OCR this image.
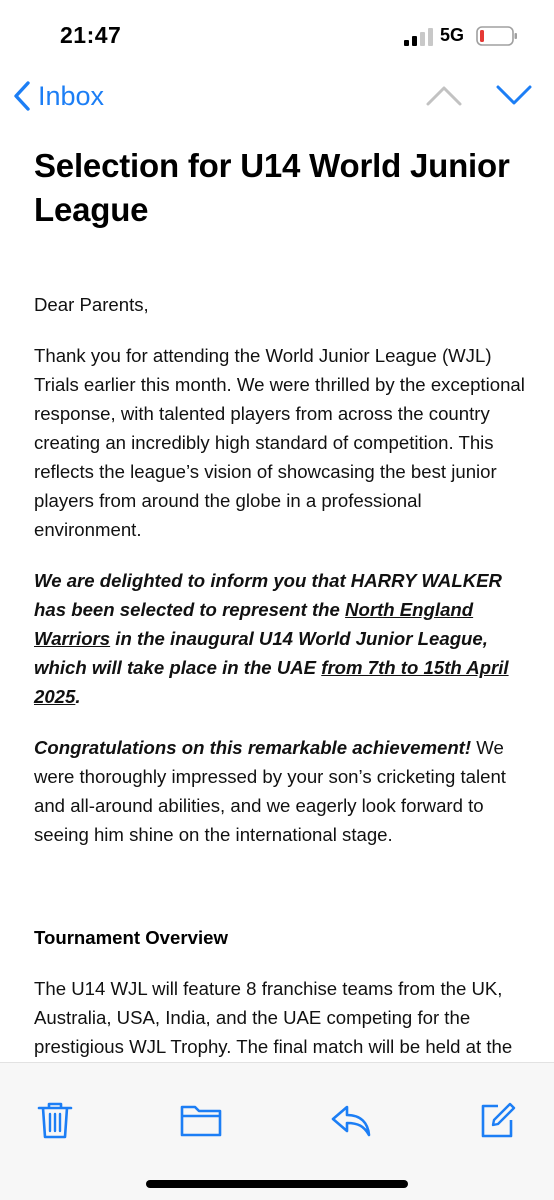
21:47	5G
Inbox
Selection for U14 World Junior League

Dear Parents,

Thank you for attending the World Junior League (WJL) Trials earlier this month. We were thrilled by the exceptional response, with talented players from across the country creating an incredibly high standard of competition. This reflects the league’s vision of showcasing the best junior players from around the globe in a professional environment.

We are delighted to inform you that HARRY WALKER has been selected to represent the North England Warriors in the inaugural U14 World Junior League, which will take place in the UAE from 7th to 15th April 2025.

Congratulations on this remarkable achievement! We were thoroughly impressed by your son’s cricketing talent and all-around abilities, and we eagerly look forward to seeing him shine on the international stage.

Tournament Overview

The U14 WJL will feature 8 franchise teams from the UK, Australia, USA, India, and the UAE competing for the prestigious WJL Trophy. The final match will be held at the
